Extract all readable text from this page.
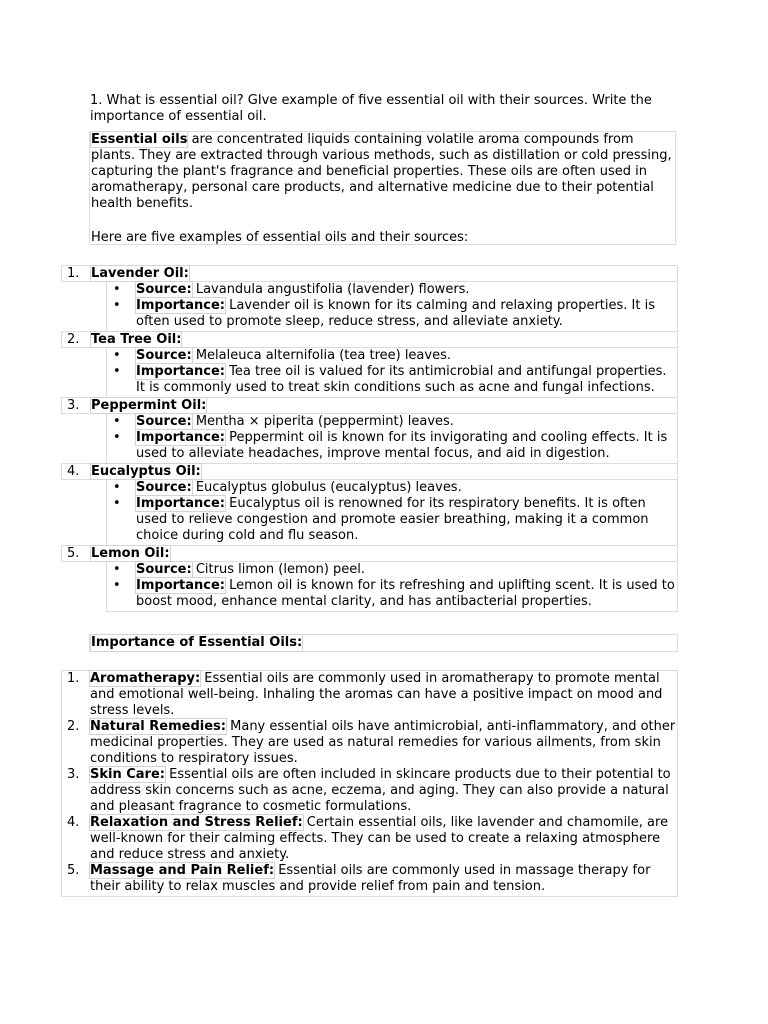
1. What is essential oil? GIve example of five essential oil with their sources. Write the importance of essential oil.

Essential oils are concentrated liquids containing volatile aroma compounds from plants. They are extracted through various methods, such as distillation or cold pressing, capturing the plant's fragrance and beneficial properties. These oils are often used in aromatherapy, personal care products, and alternative medicine due to their potential health benefits.

Here are five examples of essential oils and their sources:

1. Lavender Oil:
• Source: Lavandula angustifolia (lavender) flowers.
• Importance: Lavender oil is known for its calming and relaxing properties. It is often used to promote sleep, reduce stress, and alleviate anxiety.
2. Tea Tree Oil:
• Source: Melaleuca alternifolia (tea tree) leaves.
• Importance: Tea tree oil is valued for its antimicrobial and antifungal properties. It is commonly used to treat skin conditions such as acne and fungal infections.
3. Peppermint Oil:
• Source: Mentha × piperita (peppermint) leaves.
• Importance: Peppermint oil is known for its invigorating and cooling effects. It is used to alleviate headaches, improve mental focus, and aid in digestion.
4. Eucalyptus Oil:
• Source: Eucalyptus globulus (eucalyptus) leaves.
• Importance: Eucalyptus oil is renowned for its respiratory benefits. It is often used to relieve congestion and promote easier breathing, making it a common choice during cold and flu season.
5. Lemon Oil:
• Source: Citrus limon (lemon) peel.
• Importance: Lemon oil is known for its refreshing and uplifting scent. It is used to boost mood, enhance mental clarity, and has antibacterial properties.
Importance of Essential Oils:
1. Aromatherapy: Essential oils are commonly used in aromatherapy to promote mental and emotional well-being. Inhaling the aromas can have a positive impact on mood and stress levels.
2. Natural Remedies: Many essential oils have antimicrobial, anti-inflammatory, and other medicinal properties. They are used as natural remedies for various ailments, from skin conditions to respiratory issues.
3. Skin Care: Essential oils are often included in skincare products due to their potential to address skin concerns such as acne, eczema, and aging. They can also provide a natural and pleasant fragrance to cosmetic formulations.
4. Relaxation and Stress Relief: Certain essential oils, like lavender and chamomile, are well-known for their calming effects. They can be used to create a relaxing atmosphere and reduce stress and anxiety.
5. Massage and Pain Relief: Essential oils are commonly used in massage therapy for their ability to relax muscles and provide relief from pain and tension.
